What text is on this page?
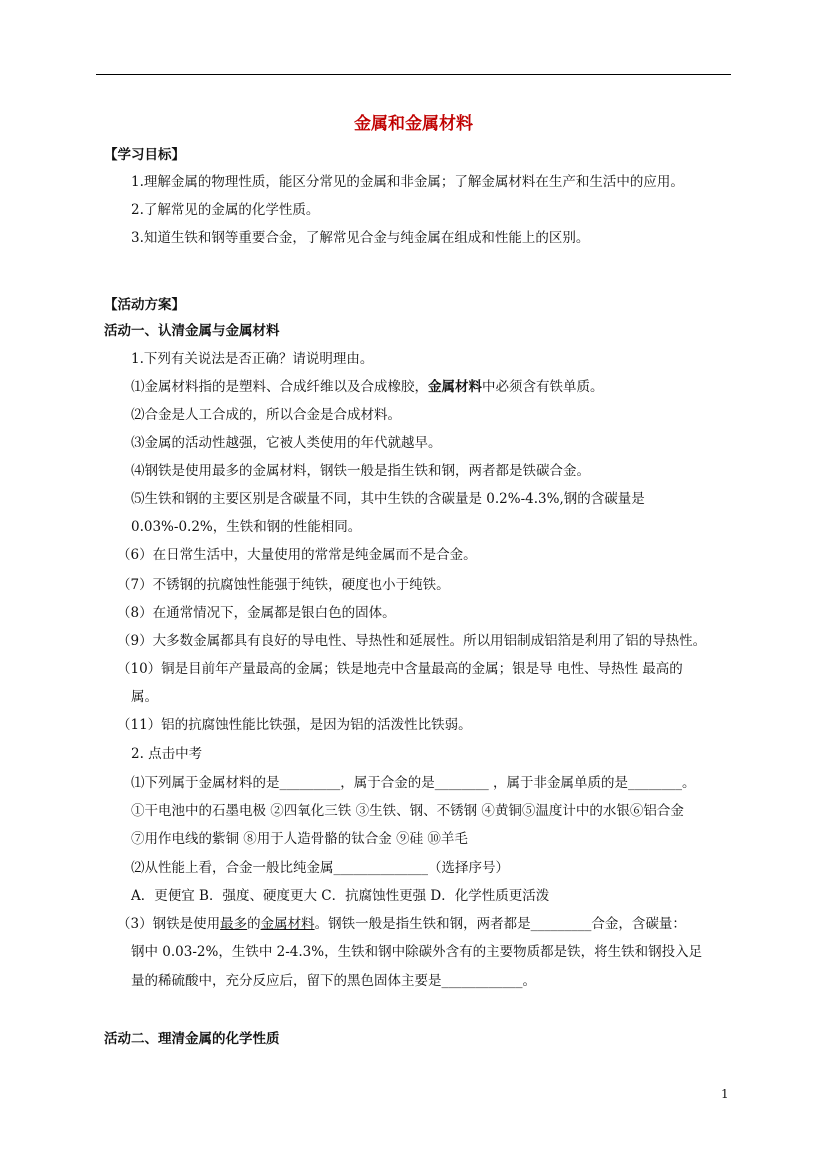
金属和金属材料
【学习目标】
1.理解金属的物理性质，能区分常见的金属和非金属；了解金属材料在生产和生活中的应用。
2.了解常见的金属的化学性质。
3.知道生铁和钢等重要合金，了解常见合金与纯金属在组成和性能上的区别。
【活动方案】
活动一、认清金属与金属材料
1.下列有关说法是否正确？请说明理由。
⑴金属材料指的是塑料、合成纤维以及合成橡胶，金属材料中必须含有铁单质。
⑵合金是人工合成的，所以合金是合成材料。
⑶金属的活动性越强，它被人类使用的年代就越早。
⑷钢铁是使用最多的金属材料，钢铁一般是指生铁和钢，两者都是铁碳合金。
⑸生铁和钢的主要区别是含碳量不同，其中生铁的含碳量是 0.2%-4.3%,钢的含碳量是
0.03%-0.2%，生铁和钢的性能相同。
（6）在日常生活中，大量使用的常常是纯金属而不是合金。
（7）不锈钢的抗腐蚀性能强于纯铁，硬度也小于纯铁。
（8）在通常情况下，金属都是银白色的固体。
（9）大多数金属都具有良好的导电性、导热性和延展性。所以用铝制成铝箔是利用了铝的导热性。
（10）铜是目前年产量最高的金属；铁是地壳中含量最高的金属；银是导 电性、导热性 最高的
属。
（11）铝的抗腐蚀性能比铁强，是因为铝的活泼性比铁弱。
2. 点击中考
⑴下列属于金属材料的是_________，属于合金的是________ ，属于非金属单质的是________。
①干电池中的石墨电极 ②四氧化三铁 ③生铁、钢、不锈钢 ④黄铜⑤温度计中的水银⑥铝合金
⑦用作电线的紫铜 ⑧用于人造骨骼的钛合金 ⑨硅 ⑩羊毛
⑵从性能上看，合金一般比纯金属______________（选择序号）
A．更便宜 B．强度、硬度更大 C．抗腐蚀性更强 D．化学性质更活泼
（3）钢铁是使用最多的金属材料。钢铁一般是指生铁和钢，两者都是_________合金，含碳量：
钢中 0.03-2%，生铁中 2-4.3%，生铁和钢中除碳外含有的主要物质都是铁，将生铁和钢投入足
量的稀硫酸中，充分反应后，留下的黑色固体主要是____________。
活动二、理清金属的化学性质
1
